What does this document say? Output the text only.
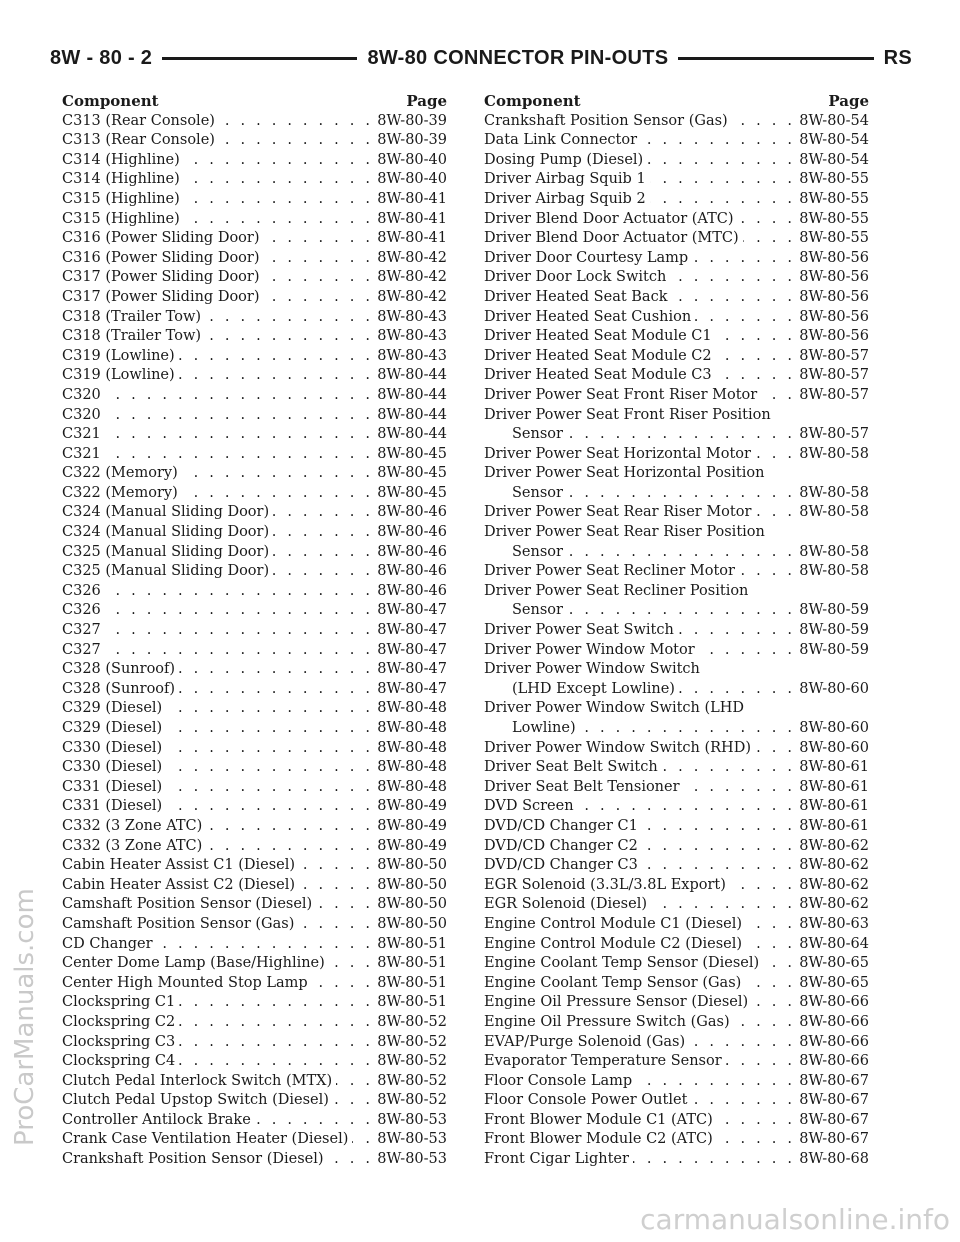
8W - 80 - 2	8W-80 CONNECTOR PIN-OUTS	RS
Component	Page
C313 (Rear Console) . . .	8W-80-39
C313 (Rear Console) . . .	8W-80-39
C314 (Highline) . . .	8W-80-40
C314 (Highline) . . .	8W-80-40
C315 (Highline) . . .	8W-80-41
C315 (Highline) . . .	8W-80-41
C316 (Power Sliding Door) . . .	8W-80-41
C316 (Power Sliding Door) . . .	8W-80-42
C317 (Power Sliding Door) . . .	8W-80-42
C317 (Power Sliding Door) . . .	8W-80-42
C318 (Trailer Tow) . . .	8W-80-43
C318 (Trailer Tow) . . .	8W-80-43
C319 (Lowline) . . .	8W-80-43
C319 (Lowline) . . .	8W-80-44
C320 . . .	8W-80-44
C320 . . .	8W-80-44
C321 . . .	8W-80-44
C321 . . .	8W-80-45
C322 (Memory) . . .	8W-80-45
C322 (Memory) . . .	8W-80-45
C324 (Manual Sliding Door) . . .	8W-80-46
C324 (Manual Sliding Door) . . .	8W-80-46
C325 (Manual Sliding Door) . . .	8W-80-46
C325 (Manual Sliding Door) . . .	8W-80-46
C326 . . .	8W-80-46
C326 . . .	8W-80-47
C327 . . .	8W-80-47
C327 . . .	8W-80-47
C328 (Sunroof) . . .	8W-80-47
C328 (Sunroof) . . .	8W-80-47
C329 (Diesel) . . .	8W-80-48
C329 (Diesel) . . .	8W-80-48
C330 (Diesel) . . .	8W-80-48
C330 (Diesel) . . .	8W-80-48
C331 (Diesel) . . .	8W-80-48
C331 (Diesel) . . .	8W-80-49
C332 (3 Zone ATC) . . .	8W-80-49
C332 (3 Zone ATC) . . .	8W-80-49
Cabin Heater Assist C1 (Diesel) . . .	8W-80-50
Cabin Heater Assist C2 (Diesel) . . .	8W-80-50
Camshaft Position Sensor (Diesel) . . .	8W-80-50
Camshaft Position Sensor (Gas) . . .	8W-80-50
CD Changer . . .	8W-80-51
Center Dome Lamp (Base/Highline) . . .	8W-80-51
Center High Mounted Stop Lamp . . .	8W-80-51
Clockspring C1 . . .	8W-80-51
Clockspring C2 . . .	8W-80-52
Clockspring C3 . . .	8W-80-52
Clockspring C4 . . .	8W-80-52
Clutch Pedal Interlock Switch (MTX) . . .	8W-80-52
Clutch Pedal Upstop Switch (Diesel) . . .	8W-80-52
Controller Antilock Brake . . .	8W-80-53
Crank Case Ventilation Heater (Diesel) . . . 8W-80-53
Crankshaft Position Sensor (Diesel) . . .	8W-80-53
Component	Page
Crankshaft Position Sensor (Gas) . . .	8W-80-54
Data Link Connector . . .	8W-80-54
Dosing Pump (Diesel) . . .	8W-80-54
Driver Airbag Squib 1 . . .	8W-80-55
Driver Airbag Squib 2 . . .	8W-80-55
Driver Blend Door Actuator (ATC) . . .	8W-80-55
Driver Blend Door Actuator (MTC) . . .	8W-80-55
Driver Door Courtesy Lamp . . .	8W-80-56
Driver Door Lock Switch . . .	8W-80-56
Driver Heated Seat Back . . .	8W-80-56
Driver Heated Seat Cushion . . .	8W-80-56
Driver Heated Seat Module C1 . . .	8W-80-56
Driver Heated Seat Module C2 . . .	8W-80-57
Driver Heated Seat Module C3 . . .	8W-80-57
Driver Power Seat Front Riser Motor . . .	8W-80-57
Driver Power Seat Front Riser Position
Sensor . . .	8W-80-57
Driver Power Seat Horizontal Motor . . .	8W-80-58
Driver Power Seat Horizontal Position
Sensor . . .	8W-80-58
Driver Power Seat Rear Riser Motor . . .	8W-80-58
Driver Power Seat Rear Riser Position
Sensor . . .	8W-80-58
Driver Power Seat Recliner Motor . . .	8W-80-58
Driver Power Seat Recliner Position
Sensor . . .	8W-80-59
Driver Power Seat Switch . . .	8W-80-59
Driver Power Window Motor . . .	8W-80-59
Driver Power Window Switch
(LHD Except Lowline) . . .	8W-80-60
Driver Power Window Switch (LHD
Lowline) . . .	8W-80-60
Driver Power Window Switch (RHD) . . .	8W-80-60
Driver Seat Belt Switch . . .	8W-80-61
Driver Seat Belt Tensioner . . .	8W-80-61
DVD Screen . . .	8W-80-61
DVD/CD Changer C1 . . .	8W-80-61
DVD/CD Changer C2 . . .	8W-80-62
DVD/CD Changer C3 . . .	8W-80-62
EGR Solenoid (3.3L/3.8L Export) . . .	8W-80-62
EGR Solenoid (Diesel) . . .	8W-80-62
Engine Control Module C1 (Diesel) . . .	8W-80-63
Engine Control Module C2 (Diesel) . . .	8W-80-64
Engine Coolant Temp Sensor (Diesel) . . .	8W-80-65
Engine Coolant Temp Sensor (Gas) . . .	8W-80-65
Engine Oil Pressure Sensor (Diesel) . . .	8W-80-66
Engine Oil Pressure Switch (Gas) . . .	8W-80-66
EVAP/Purge Solenoid (Gas) . . .	8W-80-66
Evaporator Temperature Sensor . . .	8W-80-66
Floor Console Lamp . . .	8W-80-67
Floor Console Power Outlet . . .	8W-80-67
Front Blower Module C1 (ATC) . . .	8W-80-67
Front Blower Module C2 (ATC) . . .	8W-80-67
Front Cigar Lighter . . .	8W-80-68
ProCarManuals.com
carmanualsonline.info
